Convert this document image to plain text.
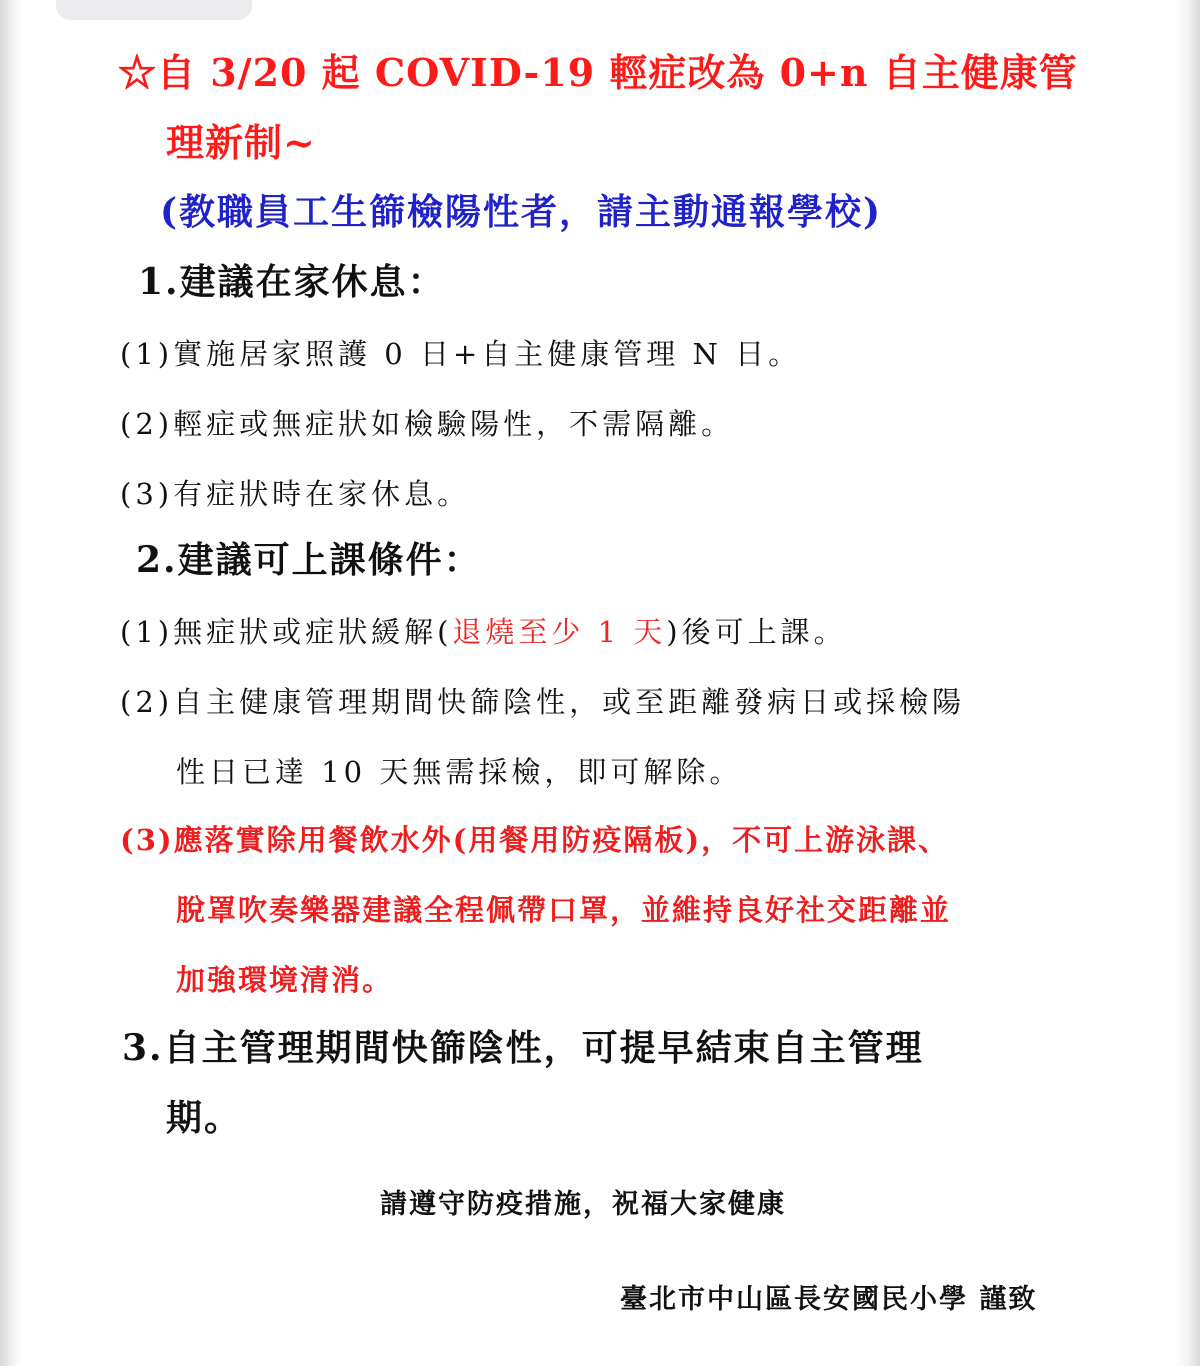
☆自 3/20 起 COVID-19 輕症改為 0+n 自主健康管
理新制~
(教職員工生篩檢陽性者，請主動通報學校)
1.建議在家休息：
(1)實施居家照護 0 日+自主健康管理 N 日。
(2)輕症或無症狀如檢驗陽性，不需隔離。
(3)有症狀時在家休息。
2.建議可上課條件：
(1)無症狀或症狀緩解(退燒至少 1 天)後可上課。
(2)自主健康管理期間快篩陰性，或至距離發病日或採檢陽
性日已達 10 天無需採檢，即可解除。
(3)應落實除用餐飲水外(用餐用防疫隔板)，不可上游泳課、
脫罩吹奏樂器建議全程佩帶口罩，並維持良好社交距離並
加強環境清消。
3.自主管理期間快篩陰性，可提早結束自主管理
期。
請遵守防疫措施，祝福大家健康
臺北市中山區長安國民小學 謹致
